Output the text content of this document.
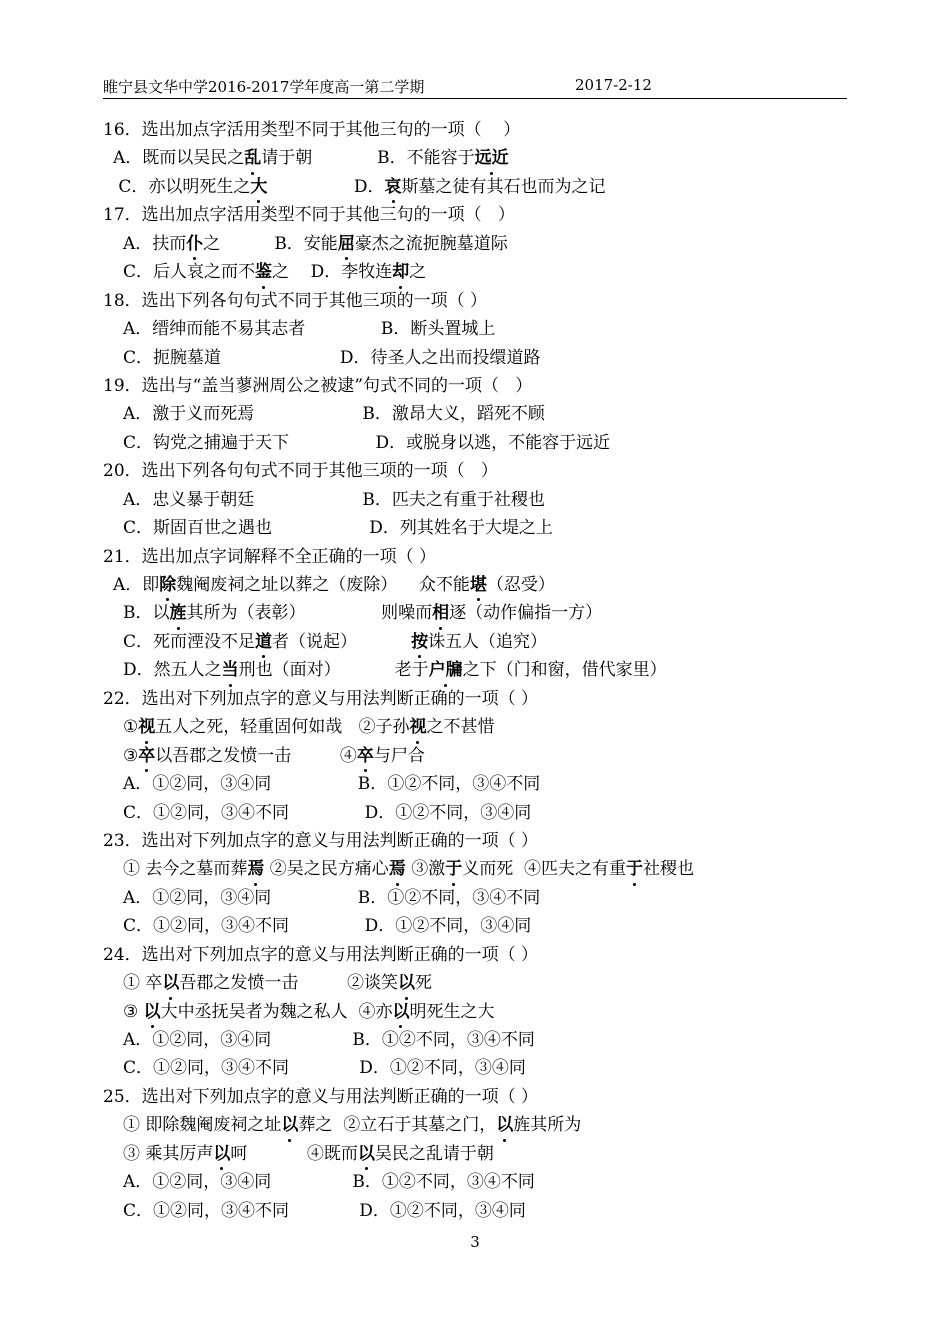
睢宁县文华中学2016-2017学年度高一第二学期	2017-2-12
16．选出加点字活用类型不同于其他三句的一项（    ）
A．既而以吴民之乱请于朝            B．不能容于远近
C．亦以明死生之大                D．哀斯墓之徒有其石也而为之记
17．选出加点字活用类型不同于其他三句的一项（   ）
A．扶而仆之          B．安能屈豪杰之流扼腕墓道际
C．后人哀之而不鉴之    D．李牧连却之
18．选出下列各句句式不同于其他三项的一项（ ）
A．缙绅而能不易其志者              B．断头置城上
C．扼腕墓道                      D．待圣人之出而投缳道路
19．选出与“盖当蓼洲周公之被逮”句式不同的一项（   ）
A．激于义而死焉                    B．激昂大义，蹈死不顾
C．钩党之捕遍于天下                D．或脱身以逃，不能容于远近
20．选出下列各句句式不同于其他三项的一项（   ）
A．忠义暴于朝廷                    B．匹夫之有重于社稷也
C．斯固百世之遇也                  D．列其姓名于大堤之上
21．选出加点字词解释不全正确的一项（ ）
A．即除魏阉废祠之址以葬之（废除）    众不能堪（忍受）
B．以旌其所为（表彰）              则噪而相逐（动作偏指一方）
C．死而湮没不足道者（说起）          按诛五人（追究）
D．然五人之当刑也（面对）          老于户牖之下（门和窗，借代家里）
22．选出对下列加点字的意义与用法判断正确的一项（ ）
①视五人之死，轻重固何如哉   ②子孙视之不甚惜
③卒以吾郡之发愤一击         ④卒与尸合
A．①②同，③④同                B．①②不同，③④不同
C．①②同，③④不同              D．①②不同，③④同
23．选出对下列加点字的意义与用法判断正确的一项（ ）
① 去今之墓而葬焉 ②吴之民方痛心焉 ③激于义而死  ④匹夫之有重于社稷也
A．①②同，③④同                B．①②不同，③④不同
C．①②同，③④不同              D．①②不同，③④同
24．选出对下列加点字的意义与用法判断正确的一项（ ）
① 卒以吾郡之发愤一击         ②谈笑以死
③ 以大中丞抚吴者为魏之私人  ④亦以明死生之大
A．①②同，③④同               B．①②不同，③④不同
C．①②同，③④不同             D．①②不同，③④同
25．选出对下列加点字的意义与用法判断正确的一项（ ）
① 即除魏阉废祠之址以葬之  ②立石于其墓之门，以旌其所为
③ 乘其厉声以呵           ④既而以吴民之乱请于朝
A．①②同，③④同               B．①②不同，③④不同
C．①②同，③④不同             D．①②不同，③④同
3
